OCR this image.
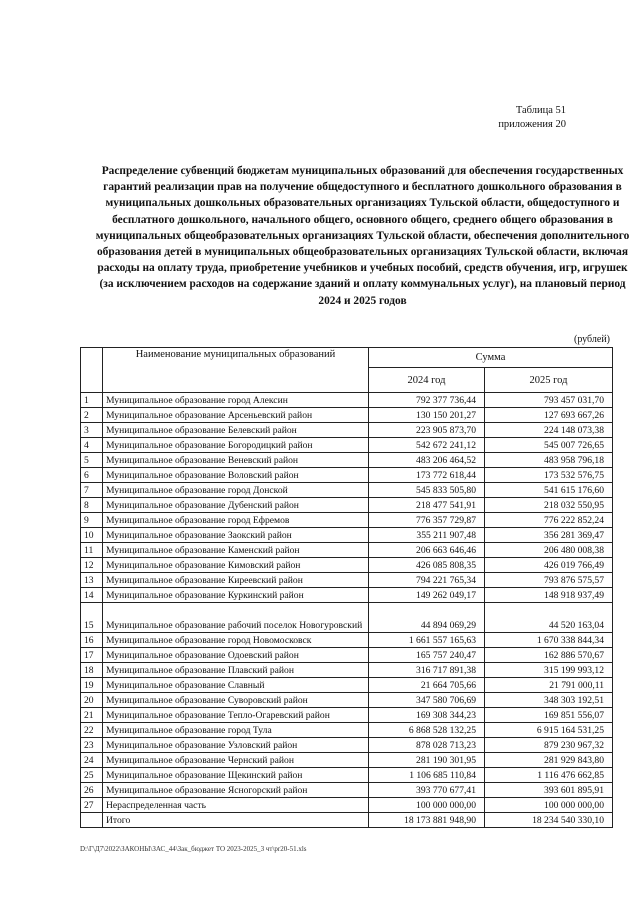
Таблица 51
приложения 20
Распределение субвенций бюджетам муниципальных образований для обеспечения государственных гарантий реализации прав на получение общедоступного и бесплатного дошкольного образования в муниципальных дошкольных образовательных организациях Тульской области, общедоступного и бесплатного дошкольного, начального общего, основного общего, среднего общего образования в муниципальных общеобразовательных организациях Тульской области, обеспечения дополнительного образования детей в муниципальных общеобразовательных организациях Тульской области, включая расходы на оплату труда, приобретение учебников и учебных пособий, средств обучения, игр, игрушек (за исключением расходов на содержание зданий и оплату коммунальных услуг), на плановый период 2024 и 2025 годов
(рублей)
	Наименование муниципальных образований	Сумма	
		2024 год	2025 год
1	Муниципальное образование город Алексин	792 377 736,44	793 457 031,70
2	Муниципальное образование Арсеньевский район	130 150 201,27	127 693 667,26
3	Муниципальное образование Белевский район	223 905 873,70	224 148 073,38
4	Муниципальное образование Богородицкий район	542 672 241,12	545 007 726,65
5	Муниципальное образование Веневский район	483 206 464,52	483 958 796,18
6	Муниципальное образование Воловский район	173 772 618,44	173 532 576,75
7	Муниципальное образование город Донской	545 833 505,80	541 615 176,60
8	Муниципальное образование Дубенский район	218 477 541,91	218 032 550,95
9	Муниципальное образование город Ефремов	776 357 729,87	776 222 852,24
10	Муниципальное образование Заокский район	355 211 907,48	356 281 369,47
11	Муниципальное образование Каменский район	206 663 646,46	206 480 008,38
12	Муниципальное образование Кимовский район	426 085 808,35	426 019 766,49
13	Муниципальное образование Киреевский район	794 221 765,34	793 876 575,57
14	Муниципальное образование Куркинский район	149 262 049,17	148 918 937,49
15	Муниципальное образование рабочий поселок Новогуровский	44 894 069,29	44 520 163,04
16	Муниципальное образование город Новомосковск	1 661 557 165,63	1 670 338 844,34
17	Муниципальное образование Одоевский район	165 757 240,47	162 886 570,67
18	Муниципальное образование Плавский район	316 717 891,38	315 199 993,12
19	Муниципальное образование Славный	21 664 705,66	21 791 000,11
20	Муниципальное образование Суворовский район	347 580 706,69	348 303 192,51
21	Муниципальное образование Тепло-Огаревский район	169 308 344,23	169 851 556,07
22	Муниципальное образование город Тула	6 868 528 132,25	6 915 164 531,25
23	Муниципальное образование Узловский район	878 028 713,23	879 230 967,32
24	Муниципальное образование Чернский район	281 190 301,95	281 929 843,80
25	Муниципальное образование Щекинский район	1 106 685 110,84	1 116 476 662,85
26	Муниципальное образование Ясногорский район	393 770 677,41	393 601 895,91
27	Нераспределенная часть	100 000 000,00	100 000 000,00
	Итого	18 173 881 948,90	18 234 540 330,10
D:\Г\Д7\2022\ЗАКОНЫ\ЗАС_44\Зак_бюджет ТО 2023-2025_3 чт\pr20-51.xls
